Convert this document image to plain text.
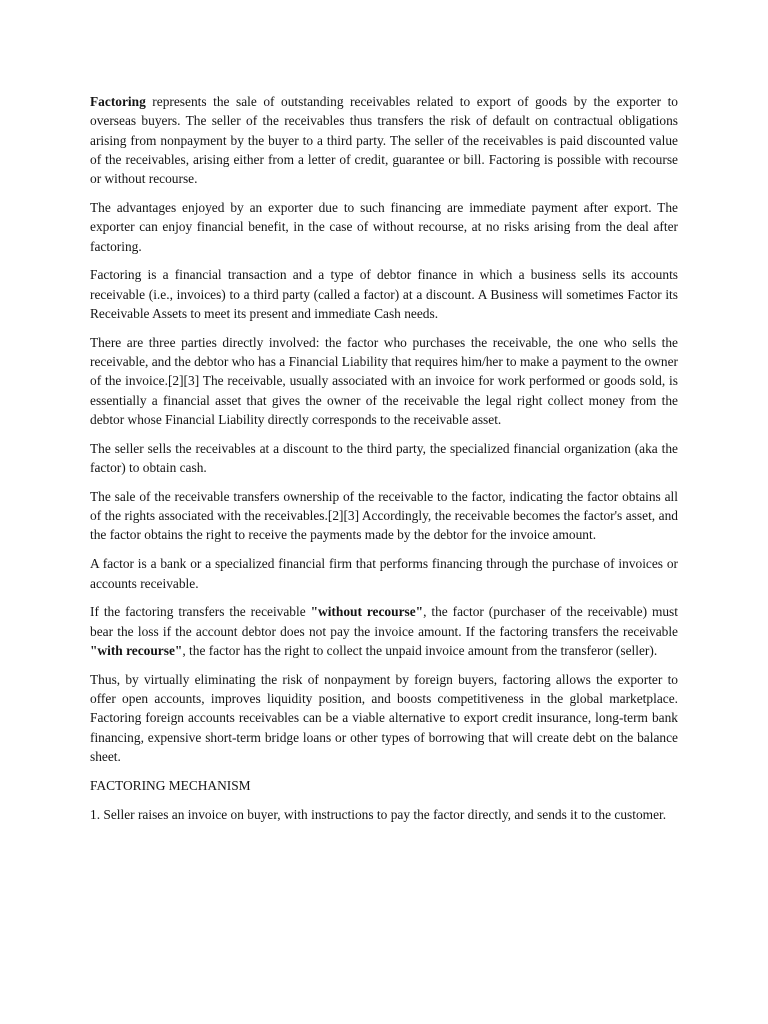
Factoring represents the sale of outstanding receivables related to export of goods by the exporter to overseas buyers. The seller of the receivables thus transfers the risk of default on contractual obligations arising from nonpayment by the buyer to a third party. The seller of the receivables is paid discounted value of the receivables, arising either from a letter of credit, guarantee or bill. Factoring is possible with recourse or without recourse.

The advantages enjoyed by an exporter due to such financing are immediate payment after export. The exporter can enjoy financial benefit, in the case of without recourse, at no risks arising from the deal after factoring.

Factoring is a financial transaction and a type of debtor finance in which a business sells its accounts receivable (i.e., invoices) to a third party (called a factor) at a discount. A Business will sometimes Factor its Receivable Assets to meet its present and immediate Cash needs.

There are three parties directly involved: the factor who purchases the receivable, the one who sells the receivable, and the debtor who has a Financial Liability that requires him/her to make a payment to the owner of the invoice.[2][3] The receivable, usually associated with an invoice for work performed or goods sold, is essentially a financial asset that gives the owner of the receivable the legal right collect money from the debtor whose Financial Liability directly corresponds to the receivable asset.

The seller sells the receivables at a discount to the third party, the specialized financial organization (aka the factor) to obtain cash.

The sale of the receivable transfers ownership of the receivable to the factor, indicating the factor obtains all of the rights associated with the receivables.[2][3] Accordingly, the receivable becomes the factor's asset, and the factor obtains the right to receive the payments made by the debtor for the invoice amount.

A factor is a bank or a specialized financial firm that performs financing through the purchase of invoices or accounts receivable.

If the factoring transfers the receivable "without recourse", the factor (purchaser of the receivable) must bear the loss if the account debtor does not pay the invoice amount. If the factoring transfers the receivable "with recourse", the factor has the right to collect the unpaid invoice amount from the transferor (seller).

Thus, by virtually eliminating the risk of nonpayment by foreign buyers, factoring allows the exporter to offer open accounts, improves liquidity position, and boosts competitiveness in the global marketplace. Factoring foreign accounts receivables can be a viable alternative to export credit insurance, long-term bank financing, expensive short-term bridge loans or other types of borrowing that will create debt on the balance sheet.

FACTORING MECHANISM

1. Seller raises an invoice on buyer, with instructions to pay the factor directly, and sends it to the customer.
